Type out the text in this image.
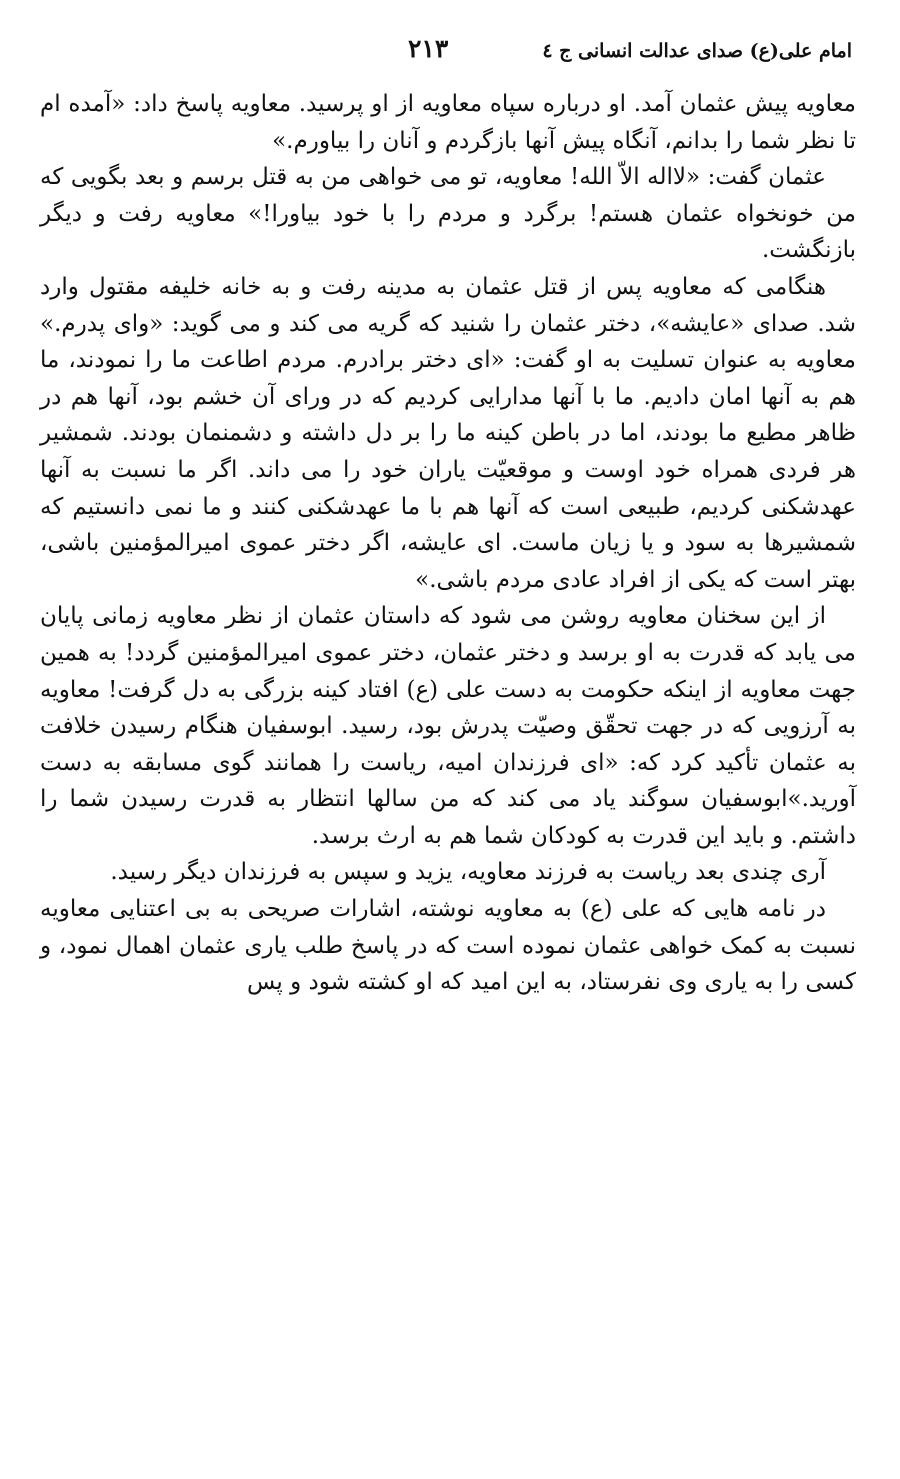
امام علی(ع) صدای عدالت انسانی ج ٤
٢١٣

معاویه پیش عثمان آمد. او درباره سپاه معاویه از او پرسید. معاویه پاسخ داد: «آمده ام تا نظر شما را بدانم، آنگاه پیش آنها بازگردم و آنان را بیاورم.»

عثمان گفت: «لااله الاّ الله! معاویه، تو می خواهی من به قتل برسم و بعد بگویی که من خونخواه عثمان هستم! برگرد و مردم را با خود بیاورا!» معاویه رفت و دیگر بازنگشت.

هنگامی که معاویه پس از قتل عثمان به مدینه رفت و به خانه خلیفه مقتول وارد شد. صدای «عایشه»، دختر عثمان را شنید که گریه می کند و می گوید: «وای پدرم.» معاویه به عنوان تسلیت به او گفت: «ای دختر برادرم. مردم اطاعت ما را نمودند، ما هم به آنها امان دادیم. ما با آنها مدارایی کردیم که در ورای آن خشم بود، آنها هم در ظاهر مطیع ما بودند، اما در باطن کینه ما را بر دل داشته و دشمنمان بودند. شمشیر هر فردی همراه خود اوست و موقعیّت یاران خود را می داند. اگر ما نسبت به آنها عهدشکنی کردیم، طبیعی است که آنها هم با ما عهدشکنی کنند و ما نمی دانستیم که شمشیرها به سود و یا زیان ماست. ای عایشه، اگر دختر عموی امیرالمؤمنین باشی، بهتر است که یکی از افراد عادی مردم باشی.»

از این سخنان معاویه روشن می شود که داستان عثمان از نظر معاویه زمانی پایان می یابد که قدرت به او برسد و دختر عثمان، دختر عموی امیرالمؤمنین گردد! به همین جهت معاویه از اینکه حکومت به دست علی (ع) افتاد کینه بزرگی به دل گرفت! معاویه به آرزویی که در جهت تحقّق وصیّت پدرش بود، رسید. ابوسفیان هنگام رسیدن خلافت به عثمان تأکید کرد که: «ای فرزندان امیه، ریاست را همانند گوی مسابقه به دست آورید.»ابوسفیان سوگند یاد می کند که من سالها انتظار به قدرت رسیدن شما را داشتم. و باید این قدرت به کودکان شما هم به ارث برسد.

آری چندی بعد ریاست به فرزند معاویه، یزید و سپس به فرزندان دیگر رسید.

در نامه هایی که علی (ع) به معاویه نوشته، اشارات صریحی به بی اعتنایی معاویه نسبت به کمک خواهی عثمان نموده است که در پاسخ طلب یاری عثمان اهمال نمود، و کسی را به یاری وی نفرستاد، به این امید که او کشته شود و پس
